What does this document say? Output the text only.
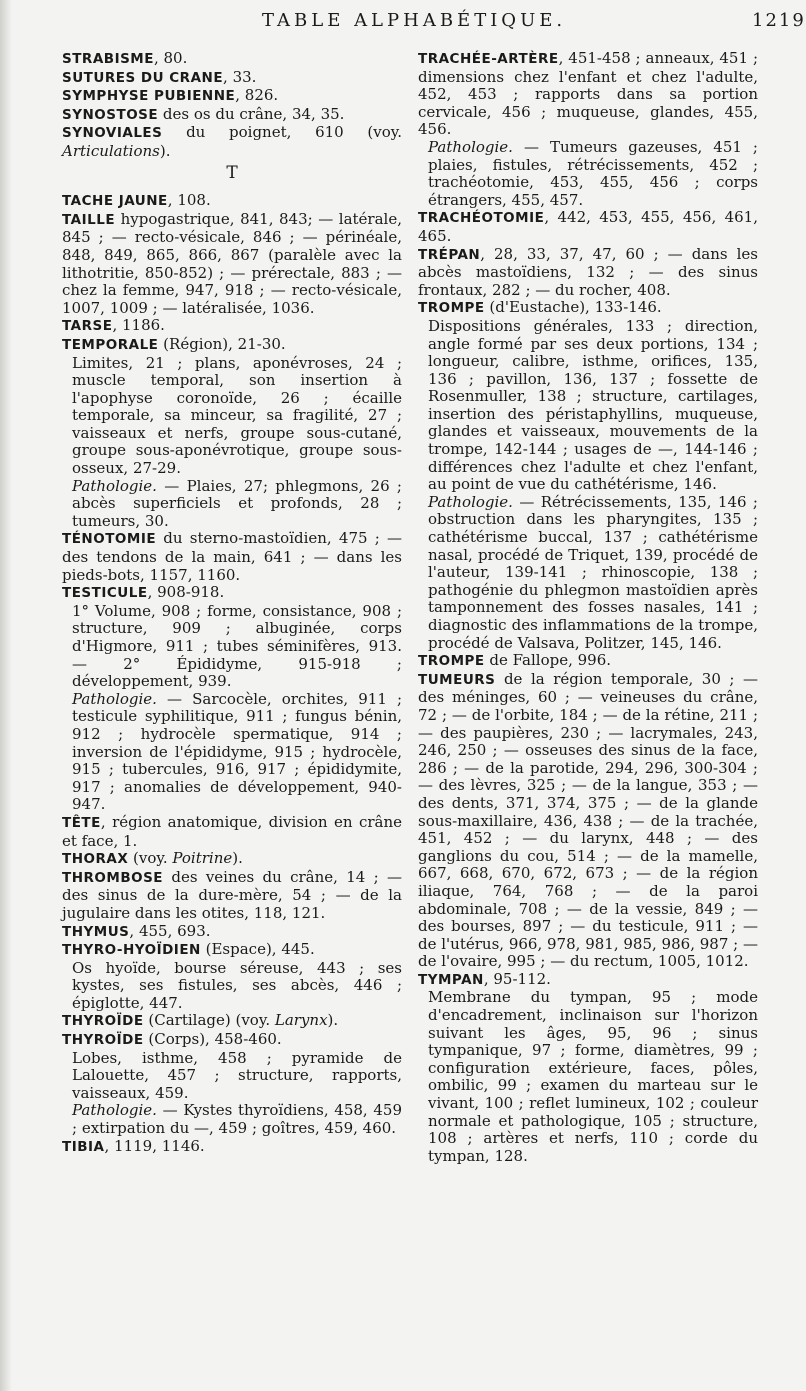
TABLE ALPHABÉTIQUE.	1219

STRABISME, 80.

SUTURES DU CRANE, 33.

SYMPHYSE PUBIENNE, 826.

SYNOSTOSE des os du crâne, 34, 35.

SYNOVIALES du poignet, 610 (voy. Articulations).

T

TACHE JAUNE, 108.

TAILLE hypogastrique, 841, 843; — latérale, 845 ; — recto-vésicale, 846 ; — périnéale, 848, 849, 865, 866, 867 (paralèle avec la lithotritie, 850-852) ; — prérectale, 883 ; — chez la femme, 947, 918 ; — recto-vésicale, 1007, 1009 ; — latéralisée, 1036.

TARSE, 1186.

TEMPORALE (Région), 21-30.

Limites, 21 ; plans, aponévroses, 24 ; muscle temporal, son insertion à l'apophyse coronoïde, 26 ; écaille temporale, sa minceur, sa fragilité, 27 ; vaisseaux et nerfs, groupe sous-cutané, groupe sous-aponévrotique, groupe sous-osseux, 27-29.

Pathologie. — Plaies, 27; phlegmons, 26 ; abcès superficiels et profonds, 28 ; tumeurs, 30.

TÉNOTOMIE du sterno-mastoïdien, 475 ; — des tendons de la main, 641 ; — dans les pieds-bots, 1157, 1160.

TESTICULE, 908-918.

1° Volume, 908 ; forme, consistance, 908 ; structure, 909 ; albuginée, corps d'Higmore, 911 ; tubes séminifères, 913. — 2° Épididyme, 915-918 ; développement, 939.

Pathologie. — Sarcocèle, orchites, 911 ; testicule syphilitique, 911 ; fungus bénin, 912 ; hydrocèle spermatique, 914 ; inversion de l'épididyme, 915 ; hydrocèle, 915 ; tubercules, 916, 917 ; épididymite, 917 ; anomalies de développement, 940-947.

TÊTE, région anatomique, division en crâne et face, 1.

THORAX (voy. Poitrine).

THROMBOSE des veines du crâne, 14 ; — des sinus de la dure-mère, 54 ; — de la jugulaire dans les otites, 118, 121.

THYMUS, 455, 693.

THYRO-HYOÏDIEN (Espace), 445.

Os hyoïde, bourse séreuse, 443 ; ses kystes, ses fistules, ses abcès, 446 ; épiglotte, 447.

THYROÏDE (Cartilage) (voy. Larynx).

THYROÏDE (Corps), 458-460.

Lobes, isthme, 458 ; pyramide de Lalouette, 457 ; structure, rapports, vaisseaux, 459.

Pathologie. — Kystes thyroïdiens, 458, 459 ; extirpation du —, 459 ; goîtres, 459, 460.

TIBIA, 1119, 1146.

TRACHÉE-ARTÈRE, 451-458 ; anneaux, 451 ; dimensions chez l'enfant et chez l'adulte, 452, 453 ; rapports dans sa portion cervicale, 456 ; muqueuse, glandes, 455, 456.

Pathologie. — Tumeurs gazeuses, 451 ; plaies, fistules, rétrécissements, 452 ; trachéotomie, 453, 455, 456 ; corps étrangers, 455, 457.

TRACHÉOTOMIE, 442, 453, 455, 456, 461, 465.

TRÉPAN, 28, 33, 37, 47, 60 ; — dans les abcès mastoïdiens, 132 ; — des sinus frontaux, 282 ; — du rocher, 408.

TROMPE (d'Eustache), 133-146.

Dispositions générales, 133 ; direction, angle formé par ses deux portions, 134 ; longueur, calibre, isthme, orifices, 135, 136 ; pavillon, 136, 137 ; fossette de Rosenmuller, 138 ; structure, cartilages, insertion des péristaphyllins, muqueuse, glandes et vaisseaux, mouvements de la trompe, 142-144 ; usages de —, 144-146 ; différences chez l'adulte et chez l'enfant, au point de vue du cathétérisme, 146.

Pathologie. — Rétrécissements, 135, 146 ; obstruction dans les pharyngites, 135 ; cathétérisme buccal, 137 ; cathétérisme nasal, procédé de Triquet, 139, procédé de l'auteur, 139-141 ; rhinoscopie, 138 ; pathogénie du phlegmon mastoïdien après tamponnement des fosses nasales, 141 ; diagnostic des inflammations de la trompe, procédé de Valsava, Politzer, 145, 146.

TROMPE de Fallope, 996.

TUMEURS de la région temporale, 30 ; — des méninges, 60 ; — veineuses du crâne, 72 ; — de l'orbite, 184 ; — de la rétine, 211 ; — des paupières, 230 ; — lacrymales, 243, 246, 250 ; — osseuses des sinus de la face, 286 ; — de la parotide, 294, 296, 300-304 ; — des lèvres, 325 ; — de la langue, 353 ; — des dents, 371, 374, 375 ; — de la glande sous-maxillaire, 436, 438 ; — de la trachée, 451, 452 ; — du larynx, 448 ; — des ganglions du cou, 514 ; — de la mamelle, 667, 668, 670, 672, 673 ; — de la région iliaque, 764, 768 ; — de la paroi abdominale, 708 ; — de la vessie, 849 ; — des bourses, 897 ; — du testicule, 911 ; — de l'utérus, 966, 978, 981, 985, 986, 987 ; — de l'ovaire, 995 ; — du rectum, 1005, 1012.

TYMPAN, 95-112.

Membrane du tympan, 95 ; mode d'encadrement, inclinaison sur l'horizon suivant les âges, 95, 96 ; sinus tympanique, 97 ; forme, diamètres, 99 ; configuration extérieure, faces, pôles, ombilic, 99 ; examen du marteau sur le vivant, 100 ; reflet lumineux, 102 ; couleur normale et pathologique, 105 ; structure, 108 ; artères et nerfs, 110 ; corde du tympan, 128.
